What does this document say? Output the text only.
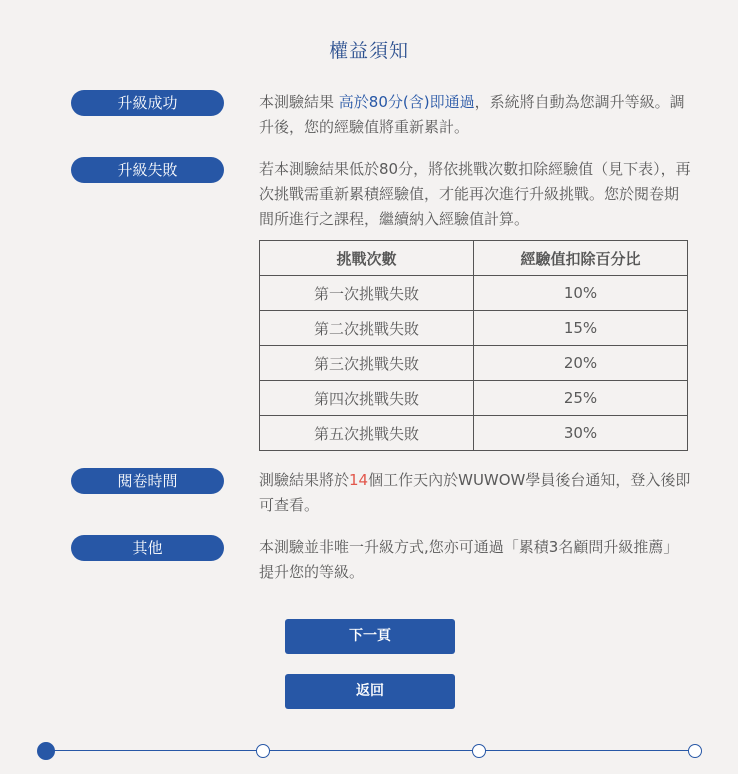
權益須知
升級成功	本測驗結果 高於80分(含)即通過，系統將自動為您調升等級。調升後，您的經驗值將重新累計。
升級失敗	若本測驗結果低於80分，將依挑戰次數扣除經驗值（見下表），再次挑戰需重新累積經驗值，才能再次進行升級挑戰。您於閱卷期間所進行之課程，繼續納入經驗值計算。
挑戰次數	經驗值扣除百分比
第一次挑戰失敗	10%
第二次挑戰失敗	15%
第三次挑戰失敗	20%
第四次挑戰失敗	25%
第五次挑戰失敗	30%
閱卷時間	測驗結果將於14個工作天內於WUWOW學員後台通知，登入後即可查看。
其他	本測驗並非唯一升級方式,您亦可通過「累積3名顧問升級推薦」提升您的等級。
下一頁
返回
